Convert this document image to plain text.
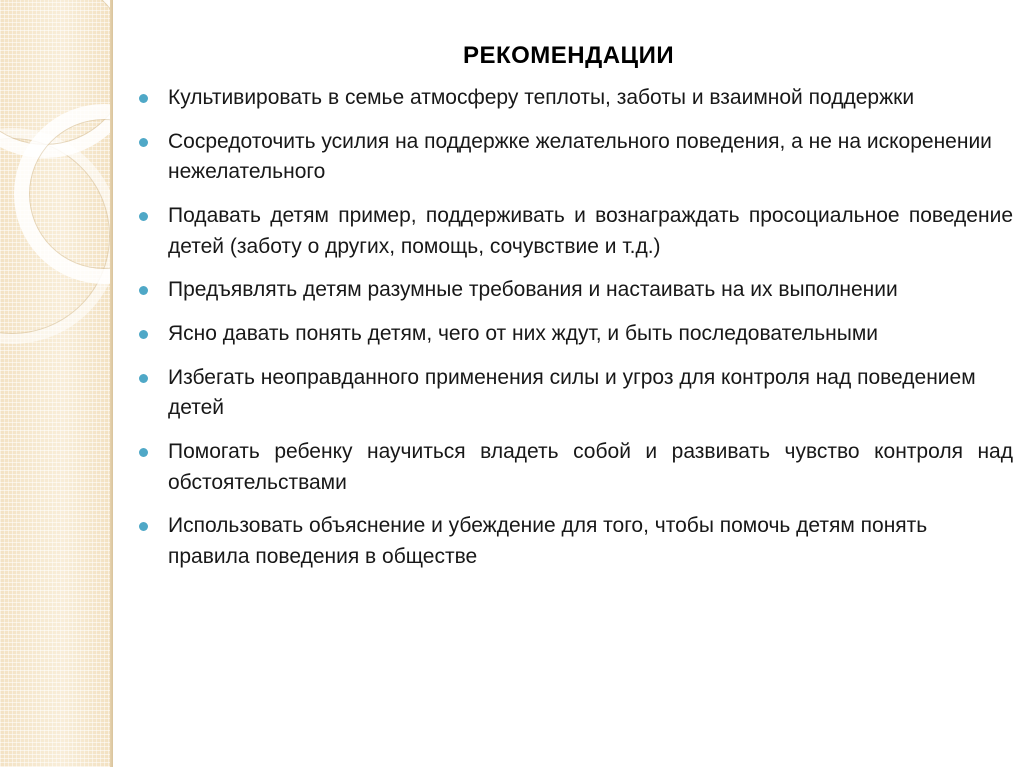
РЕКОМЕНДАЦИИ
Культивировать в семье атмосферу теплоты, заботы и взаимной поддержки
Сосредоточить усилия на поддержке желательного поведения, а не на искоренении нежелательного
Подавать детям пример, поддерживать и вознаграждать просоциальное поведение детей (заботу о других, помощь, сочувствие и т.д.)
Предъявлять детям разумные требования и настаивать на их выполнении
Ясно давать понять детям, чего от них ждут, и быть последовательными
Избегать неоправданного применения силы и угроз для контроля над поведением детей
Помогать ребенку научиться владеть собой и развивать чувство контроля над обстоятельствами
Использовать объяснение и убеждение для того, чтобы помочь детям понять правила поведения в обществе
